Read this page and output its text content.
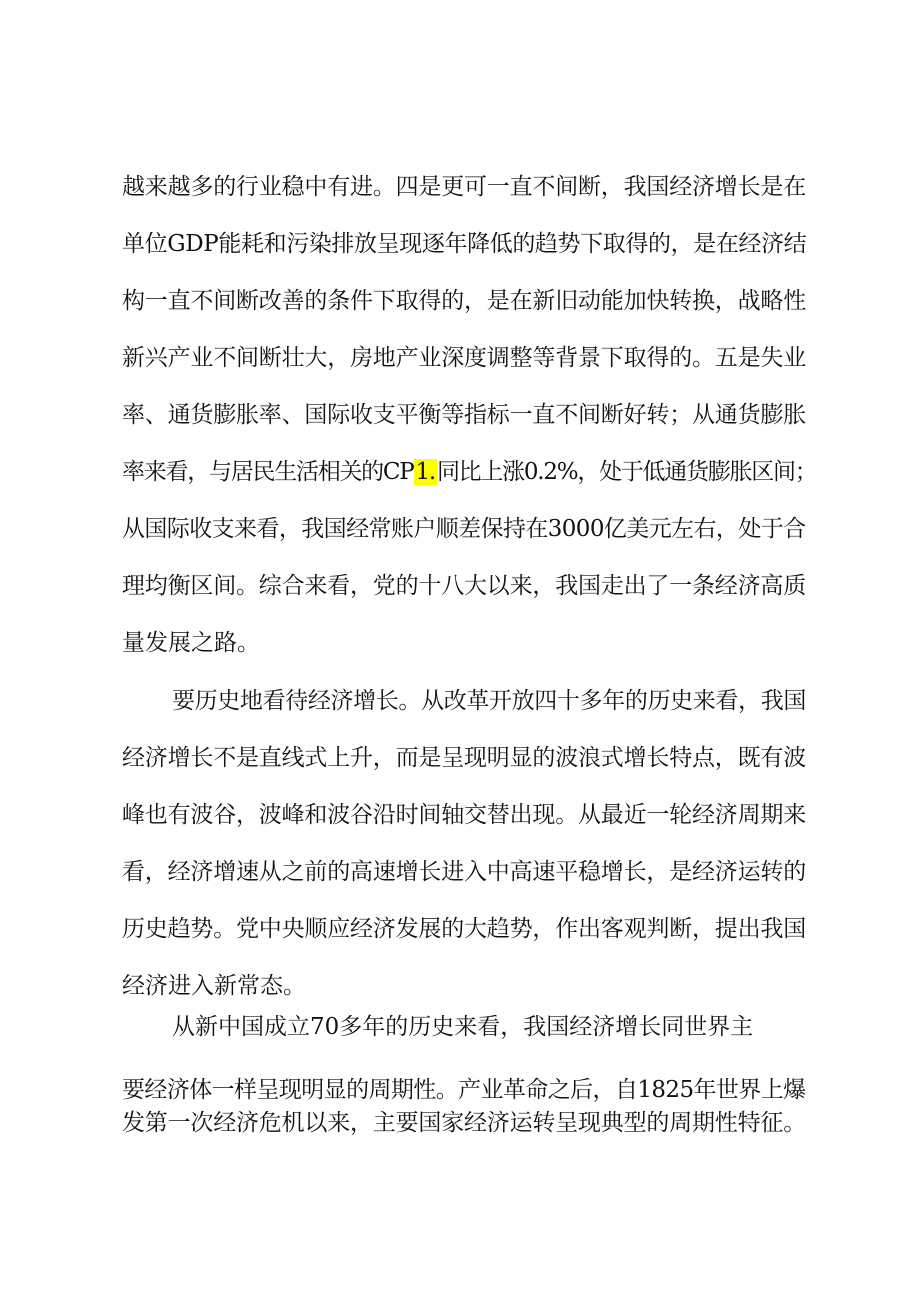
越来越多的行业稳中有进。四是更可一直不间断，我国经济增长是在
单位GDP能耗和污染排放呈现逐年降低的趋势下取得的，是在经济结
构一直不间断改善的条件下取得的，是在新旧动能加快转换，战略性
新兴产业不间断壮大，房地产业深度调整等背景下取得的。五是失业
率、通货膨胀率、国际收支平衡等指标一直不间断好转；从通货膨胀
率来看，与居民生活相关的CP1.同比上涨0.2%，处于低通货膨胀区间；
从国际收支来看，我国经常账户顺差保持在3000亿美元左右，处于合
理均衡区间。综合来看，党的十八大以来，我国走出了一条经济高质
量发展之路。
要历史地看待经济增长。从改革开放四十多年的历史来看，我国
经济增长不是直线式上升，而是呈现明显的波浪式增长特点，既有波
峰也有波谷，波峰和波谷沿时间轴交替出现。从最近一轮经济周期来
看，经济增速从之前的高速增长进入中高速平稳增长，是经济运转的
历史趋势。党中央顺应经济发展的大趋势，作出客观判断，提出我国
经济进入新常态。
从新中国成立70多年的历史来看，我国经济增长同世界主
要经济体一样呈现明显的周期性。产业革命之后，自1825年世界上爆
发第一次经济危机以来，主要国家经济运转呈现典型的周期性特征。
